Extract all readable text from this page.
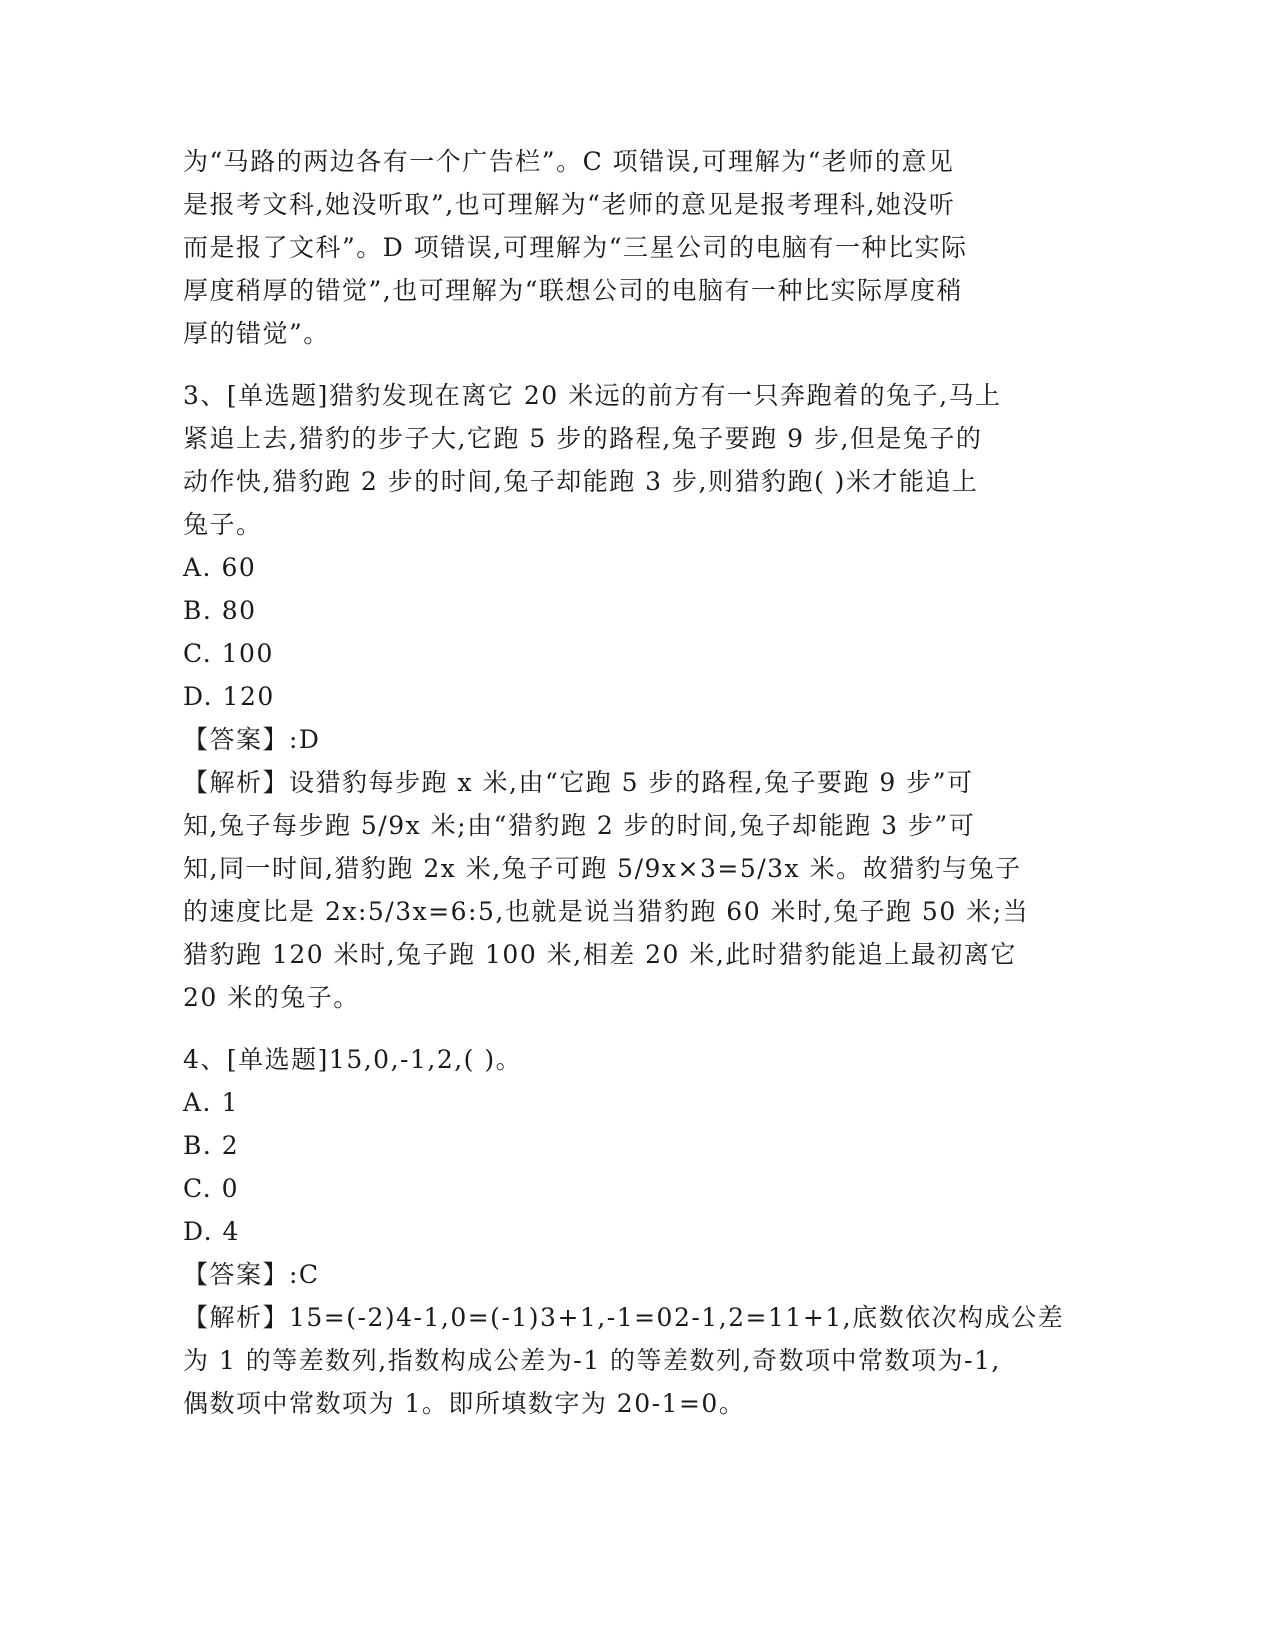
为“马路的两边各有一个广告栏”。C 项错误,可理解为“老师的意见
是报考文科,她没听取”,也可理解为“老师的意见是报考理科,她没听
而是报了文科”。D 项错误,可理解为“三星公司的电脑有一种比实际
厚度稍厚的错觉”,也可理解为“联想公司的电脑有一种比实际厚度稍
厚的错觉”。
3、[单选题]猎豹发现在离它 20 米远的前方有一只奔跑着的兔子,马上
紧追上去,猎豹的步子大,它跑 5 步的路程,兔子要跑 9 步,但是兔子的
动作快,猎豹跑 2 步的时间,兔子却能跑 3 步,则猎豹跑( )米才能追上
兔子。
A. 60
B. 80
C. 100
D. 120
【答案】:D
【解析】设猎豹每步跑 x 米,由“它跑 5 步的路程,兔子要跑 9 步”可
知,兔子每步跑 5/9x 米;由“猎豹跑 2 步的时间,兔子却能跑 3 步”可
知,同一时间,猎豹跑 2x 米,兔子可跑 5/9x×3=5/3x 米。故猎豹与兔子
的速度比是 2x:5/3x=6:5,也就是说当猎豹跑 60 米时,兔子跑 50 米;当
猎豹跑 120 米时,兔子跑 100 米,相差 20 米,此时猎豹能追上最初离它
20 米的兔子。
4、[单选题]15,0,-1,2,( )。
A. 1
B. 2
C. 0
D. 4
【答案】:C
【解析】15=(-2)4-1,0=(-1)3+1,-1=02-1,2=11+1,底数依次构成公差
为 1 的等差数列,指数构成公差为-1 的等差数列,奇数项中常数项为-1,
偶数项中常数项为 1。即所填数字为 20-1=0。
